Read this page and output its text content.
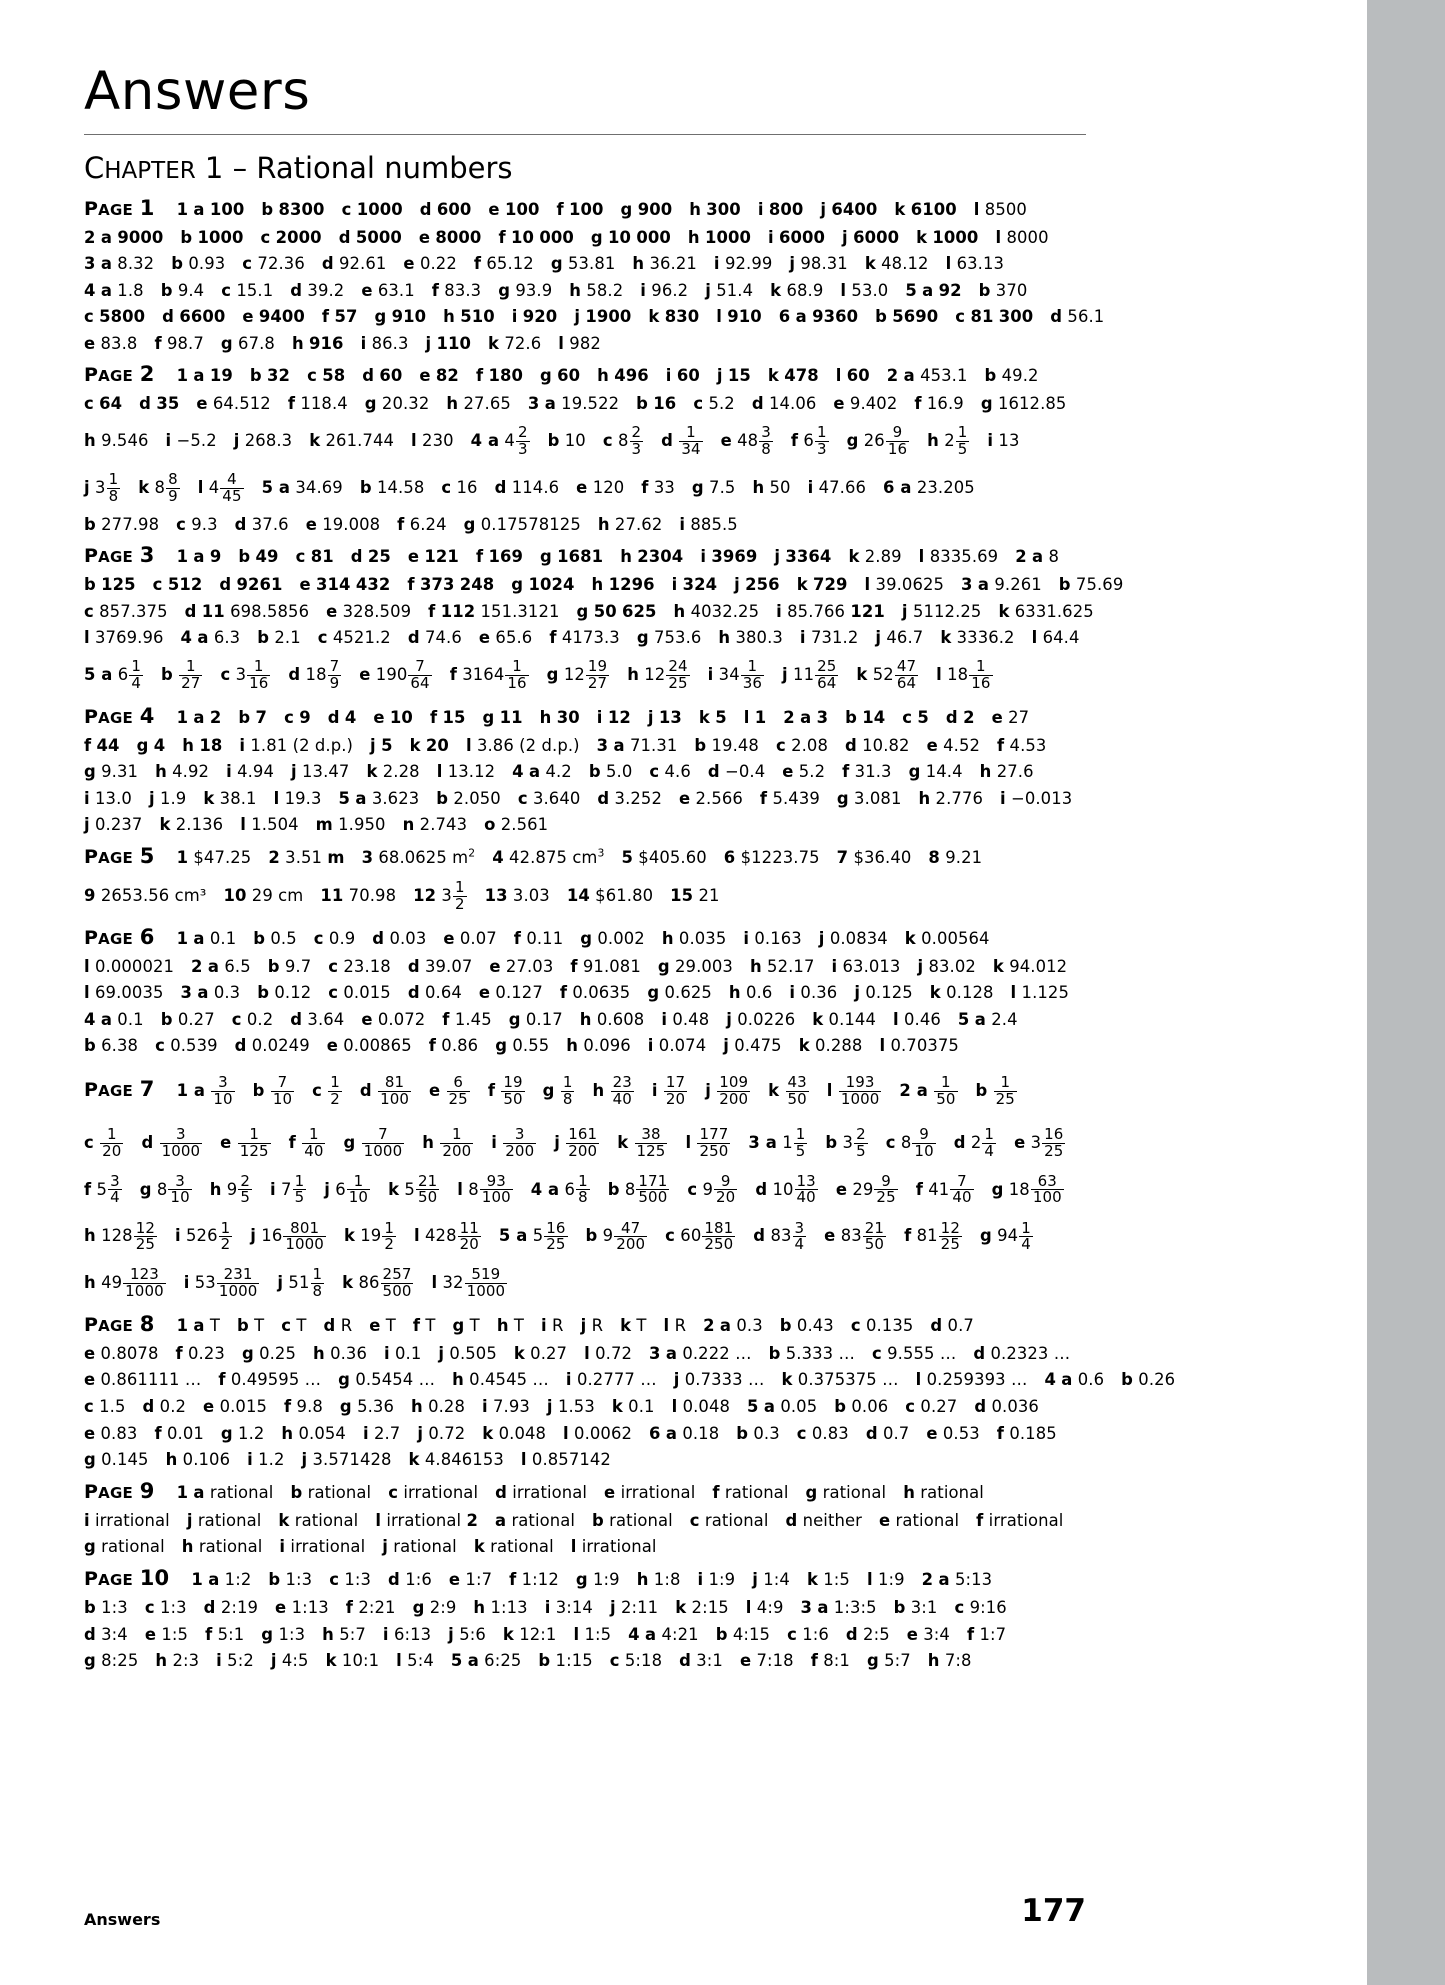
Answers
CHAPTER 1 – Rational numbers
PAGE 1 1 a 100 b 8300 c 1000 d 600 e 100 f 100 g 900 h 300 i 800 j 6400 k 6100 l 8500
2 a 9000 b 1000 c 2000 d 5000 e 8000 f 10 000 g 10 000 h 1000 i 6000 j 6000 k 1000 l 8000
3 a 8.32 b 0.93 c 72.36 d 92.61 e 0.22 f 65.12 g 53.81 h 36.21 i 92.99 j 98.31 k 48.12 l 63.13
4 a 1.8 b 9.4 c 15.1 d 39.2 e 63.1 f 83.3 g 93.9 h 58.2 i 96.2 j 51.4 k 68.9 l 53.0 5 a 92 b 370
c 5800 d 6600 e 9400 f 57 g 910 h 510 i 920 j 1900 k 830 l 910 6 a 9360 b 5690 c 81 300 d 56.1
e 83.8 f 98.7 g 67.8 h 916 i 86.3 j 110 k 72.6 l 982
PAGE 2 1 a 19 b 32 c 58 d 60 e 82 f 180 g 60 h 496 i 60 j 15 k 478 l 60 2 a 453.1 b 49.2
c 64 d 35 e 64.512 f 118.4 g 20.32 h 27.65 3 a 19.522 b 16 c 5.2 d 14.06 e 9.402 f 16.9 g 1612.85
h 9.546 i −5.2 j 268.3 k 261.744 l 230 4 a $4 \frac{2}{3}$ b 10 c $8 \frac{2}{3}$ d $\frac{1}{34}$ e $48 \frac{3}{8}$ f $6 \frac{1}{3}$ g $26 \frac{9}{16}$ h $2 \frac{1}{5}$ i 13
j $3 \frac{1}{8}$ k $8 \frac{8}{9}$ l $4 \frac{4}{45} 5$ a 34.69 b 14.58 c 16 d 114.6 e 120 f 33 g 7.5 h 50 i 47.66 6 a 23.205
b 277.98 c 9.3 d 37.6 e 19.008 f 6.24 g 0.17578125 h 27.62 i 885.5
PAGE 3 1 a 9 b 49 c 81 d 25 e 121 f 169 g 1681 h 2304 i 3969 j 3364 k 2.89 l 8335.69 2 a 8
b 125 c 512 d 9261 e 314 432 f 373 248 g 1024 h 1296 i 324 j 256 k 729 l 39.0625 3 a 9.261 b 75.69
c 857.375 d 11 698.5856 e 328.509 f 112 151.3121 g 50 625 h 4032.25 i 85.766 121 j 5112.25 k 6331.625
l 3769.96 4 a 6.3 b 2.1 c 4521.2 d 74.6 e 65.6 f 4173.3 g 753.6 h 380.3 i 731.2 j 46.7 k 3336.2 l 64.4
5 a $6 \frac{1}{4}$ b $\frac{1}{27}$ c $3 \frac{1}{16}$ d $18 \frac{7}{9}$ e $190 \frac{7}{64}$ f $3164 \frac{1}{16}$ g $12 \frac{19}{27}$ h $12 \frac{24}{25}$ i $34 \frac{1}{36}$ j $11 \frac{25}{64}$ k $52 \frac{47}{64}$ l $18 \frac{1}{16}$
PAGE 4 1 a 2 b 7 c 9 d 4 e 10 f 15 g 11 h 30 i 12 j 13 k 5 l 1 2 a 3 b 14 c 5 d 2 e 27
f 44 g 4 h 18 i 1.81 (2 d.p.) j 5 k 20 l 3.86 (2 d.p.) 3 a 71.31 b 19.48 c 2.08 d 10.82 e 4.52 f 4.53
g 9.31 h 4.92 i 4.94 j 13.47 k 2.28 l 13.12 4 a 4.2 b 5.0 c 4.6 d −0.4 e 5.2 f 31.3 g 14.4 h 27.6
i 13.0 j 1.9 k 38.1 l 19.3 5 a 3.623 b 2.050 c 3.640 d 3.252 e 2.566 f 5.439 g 3.081 h 2.776 i −0.013
j 0.237 k 2.136 l 1.504 m 1.950 n 2.743 o 2.561
PAGE 5 1 $47.25 2 3.51 m 3 68.0625 $m^2$ 4 42.875 $cm^3$ 5 $405.60 6 $1223.75 7 $36.40 8 9.21
9 2653.56 cm³ 10 29 cm 11 70.98 12 $3 \frac{1}{2} 13$ 3.03 14 $61.80 15 21
PAGE 6 1 a 0.1 b 0.5 c 0.9 d 0.03 e 0.07 f 0.11 g 0.002 h 0.035 i 0.163 j 0.0834 k 0.00564
l 0.000021 2 a 6.5 b 9.7 c 23.18 d 39.07 e 27.03 f 91.081 g 29.003 h 52.17 i 63.013 j 83.02 k 94.012
l 69.0035 3 a 0.3 b 0.12 c 0.015 d 0.64 e 0.127 f 0.0635 g 0.625 h 0.6 i 0.36 j 0.125 k 0.128 l 1.125
4 a 0.1 b 0.27 c 0.2 d 3.64 e 0.072 f 1.45 g 0.17 h 0.608 i 0.48 j 0.0226 k 0.144 l 0.46 5 a 2.4
b 6.38 c 0.539 d 0.0249 e 0.00865 f 0.86 g 0.55 h 0.096 i 0.074 j 0.475 k 0.288 l 0.70375
PAGE 7 1 a $\frac{3}{10}$ b $\frac{7}{10}$ c $\frac{1}{2}$ d $\frac{81}{100}$ e $\frac{6}{25}$ f $\frac{19}{50}$ g $\frac{1}{8}$ h $\frac{23}{40}$ i $\frac{17}{20}$ j $\frac{109}{200}$ k $\frac{43}{50}$ l $\frac{193}{1000} 2$ a $\frac{1}{50}$ b $\frac{1}{25}$
c $\frac{1}{20}$ d $\frac{3}{1000}$ e $\frac{1}{125}$ f $\frac{1}{40}$ g $\frac{7}{1000}$ h $\frac{1}{200}$ i $\frac{3}{200}$ j $\frac{161}{200}$ k $\frac{38}{125}$ l $\frac{177}{250} 3$ a $1 \frac{1}{5}$ b $3 \frac{2}{5}$ c $8 \frac{9}{10}$ d $2 \frac{1}{4}$ e $3 \frac{16}{25}$
f $5 \frac{3}{4}$ g $8 \frac{3}{10}$ h $9 \frac{2}{5}$ i $7 \frac{1}{5}$ j $6 \frac{1}{10}$ k $5 \frac{21}{50}$ l $8 \frac{93}{100} 4$ a $6 \frac{1}{8}$ b $8 \frac{171}{500}$ c $9 \frac{9}{20}$ d $10 \frac{13}{40}$ e $29 \frac{9}{25}$ f $41 \frac{7}{40}$ g $18 \frac{63}{100}$
h $128 \frac{12}{25}$ i $526 \frac{1}{2}$ j $16 \frac{801}{1000}$ k $19 \frac{1}{2}$ l $428 \frac{11}{20} 5$ a $5 \frac{16}{25}$ b $9 \frac{47}{200}$ c $60 \frac{181}{250}$ d $83 \frac{3}{4}$ e $83 \frac{21}{50}$ f $81 \frac{12}{25}$ g $94 \frac{1}{4}$
h $49 \frac{123}{1000}$ i $53 \frac{231}{1000}$ j $51 \frac{1}{8}$ k $86 \frac{257}{500}$ l $32 \frac{519}{1000}$
PAGE 8 1 a T b T c T d R e T f T g T h T i R j R k T l R 2 a 0.3 b 0.43 c 0.135 d 0.7
e 0.8078 f 0.23 g 0.25 h 0.36 i 0.1 j 0.505 k 0.27 l 0.72 3 a 0.222 … b 5.333 … c 9.555 … d 0.2323 …
e 0.861111 … f 0.49595 … g 0.5454 … h 0.4545 … i 0.2777 … j 0.7333 … k 0.375375 … l 0.259393 … 4 a 0.6 b 0.26
c 1.5 d 0.2 e 0.015 f 9.8 g 5.36 h 0.28 i 7.93 j 1.53 k 0.1 l 0.048 5 a 0.05 b 0.06 c 0.27 d 0.036
e 0.83 f 0.01 g 1.2 h 0.054 i 2.7 j 0.72 k 0.048 l 0.0062 6 a 0.18 b 0.3 c 0.83 d 0.7 e 0.53 f 0.185
g 0.145 h 0.106 i 1.2 j 3.571428 k 4.846153 l 0.857142
PAGE 9 1 a rational b rational c irrational d irrational e irrational f rational g rational h rational
i irrational j rational k rational l irrational 2 a rational b rational c rational d neither e rational f irrational
g rational h rational i irrational j rational k rational l irrational
PAGE 10 1 a 1:2 b 1:3 c 1:3 d 1:6 e 1:7 f 1:12 g 1:9 h 1:8 i 1:9 j 1:4 k 1:5 l 1:9 2 a 5:13
b 1:3 c 1:3 d 2:19 e 1:13 f 2:21 g 2:9 h 1:13 i 3:14 j 2:11 k 2:15 l 4:9 3 a 1:3:5 b 3:1 c 9:16
d 3:4 e 1:5 f 5:1 g 1:3 h 5:7 i 6:13 j 5:6 k 12:1 l 1:5 4 a 4:21 b 4:15 c 1:6 d 2:5 e 3:4 f 1:7
g 8:25 h 2:3 i 5:2 j 4:5 k 10:1 l 5:4 5 a 6:25 b 1:15 c 5:18 d 3:1 e 7:18 f 8:1 g 5:7 h 7:8
Answers	177
